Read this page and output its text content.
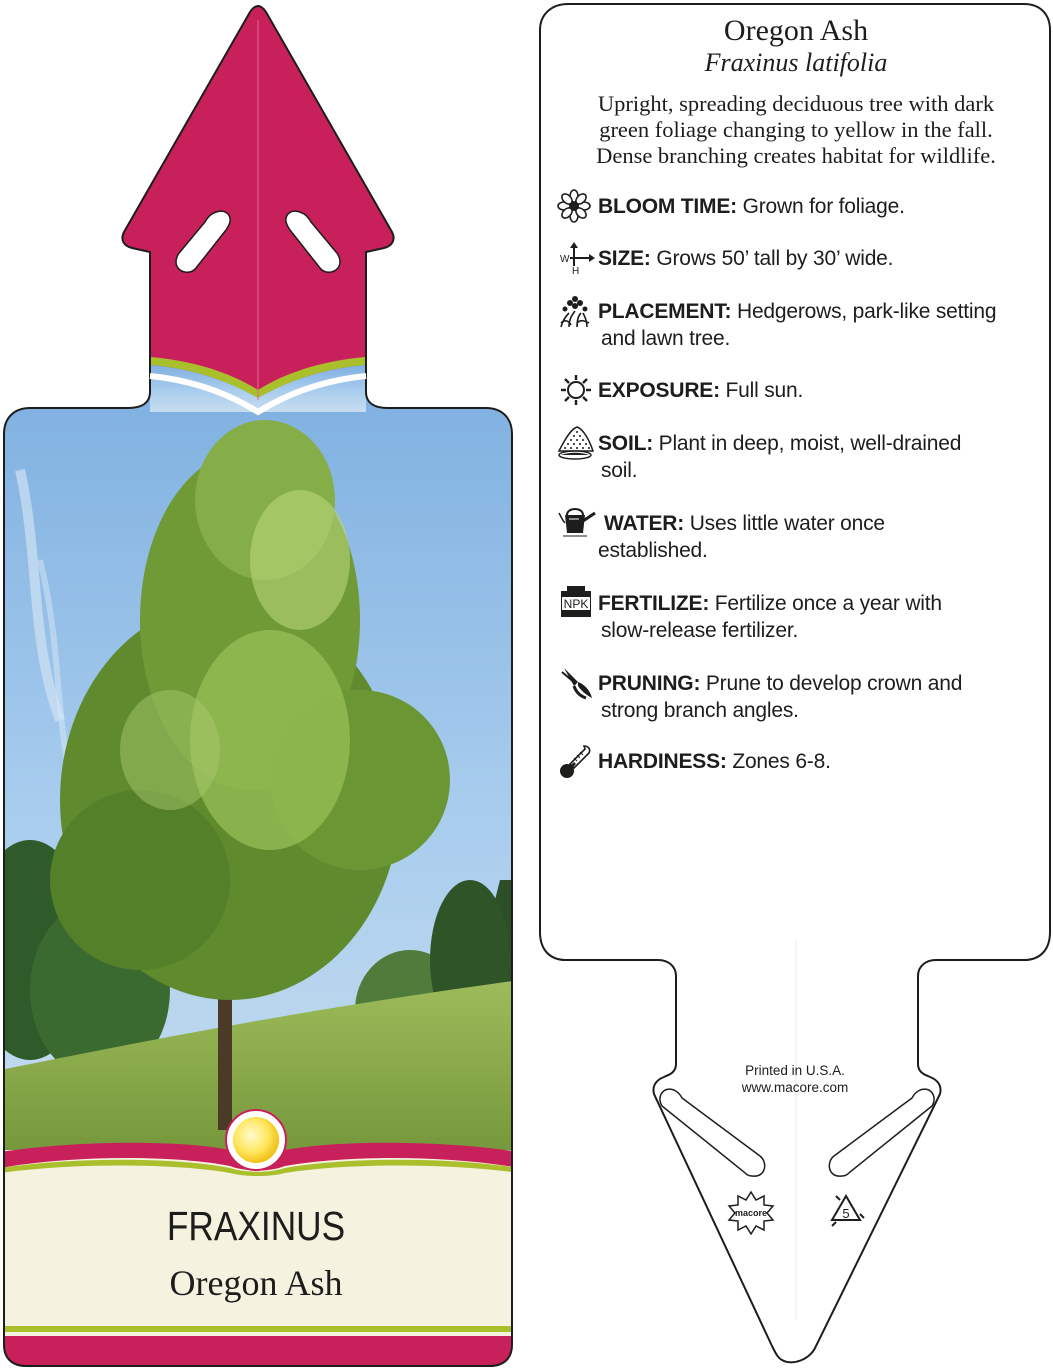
macore	5
Oregon Ash
Fraxinus latifolia
Upright, spreading deciduous tree with dark
green foliage changing to yellow in the fall.
Dense branching creates habitat for wildlife.
W
H
NPK
BLOOM TIME: Grown for foliage.
SIZE: Grows 50’ tall by 30’ wide.
PLACEMENT: Hedgerows, park-like setting
and lawn tree.
EXPOSURE: Full sun.
SOIL: Plant in deep, moist, well-drained
soil.
WATER: Uses little water once
established.
FERTILIZE: Fertilize once a year with
slow-release fertilizer.
PRUNING: Prune to develop crown and
strong branch angles.
HARDINESS: Zones 6-8.
Printed in U.S.A.
www.macore.com
FRAXINUS
Oregon Ash
